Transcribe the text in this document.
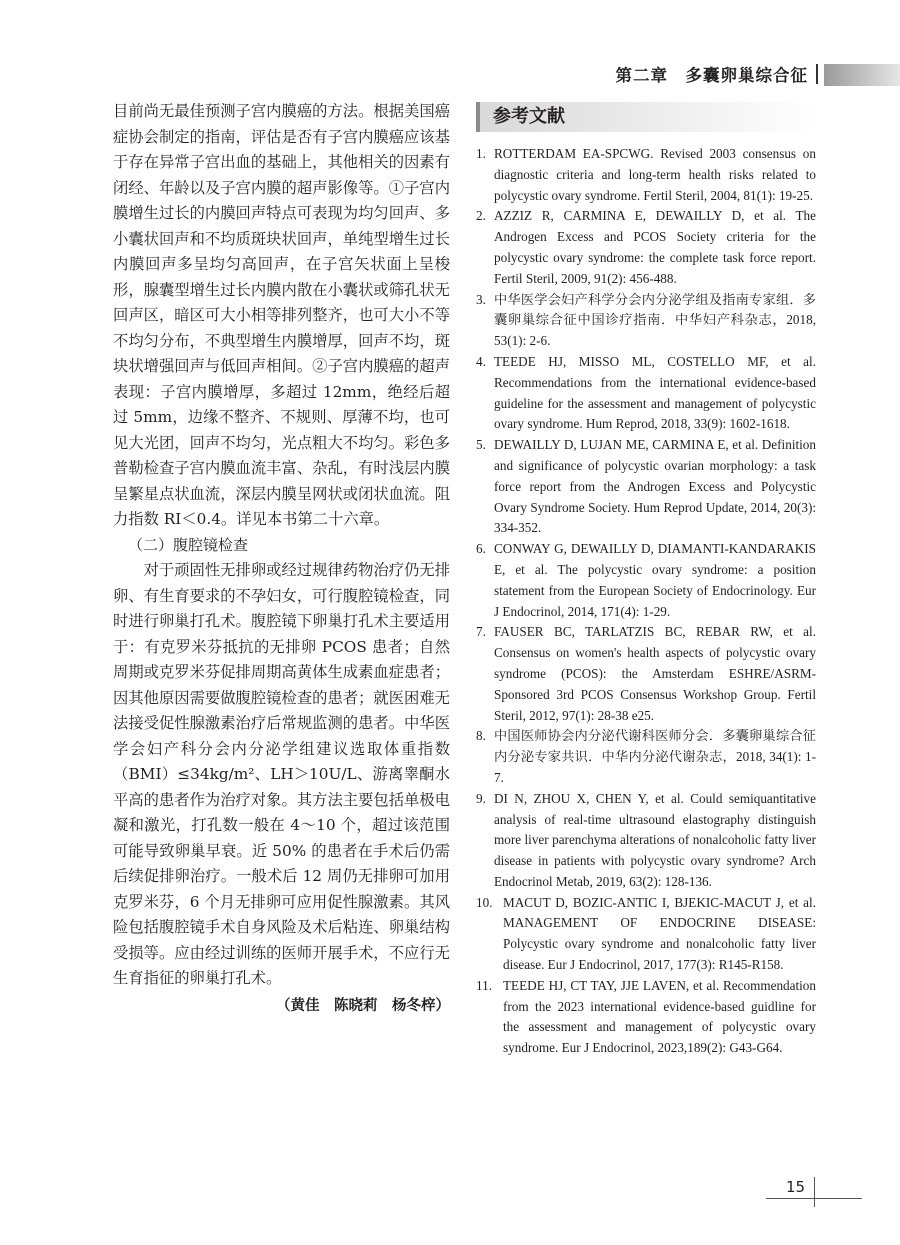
第二章　多囊卵巢综合征

目前尚无最佳预测子宫内膜癌的方法。根据美国癌症协会制定的指南，评估是否有子宫内膜癌应该基于存在异常子宫出血的基础上，其他相关的因素有闭经、年龄以及子宫内膜的超声影像等。①子宫内膜增生过长的内膜回声特点可表现为均匀回声、多小囊状回声和不均质斑块状回声，单纯型增生过长内膜回声多呈均匀高回声，在子宫矢状面上呈梭形，腺囊型增生过长内膜内散在小囊状或筛孔状无回声区，暗区可大小相等排列整齐，也可大小不等不均匀分布，不典型增生内膜增厚，回声不均，斑块状增强回声与低回声相间。②子宫内膜癌的超声表现：子宫内膜增厚，多超过 12mm，绝经后超过 5mm，边缘不整齐、不规则、厚薄不均，也可见大光团，回声不均匀，光点粗大不均匀。彩色多普勒检查子宫内膜血流丰富、杂乱，有时浅层内膜呈繁星点状血流，深层内膜呈网状或闭状血流。阻力指数 RI＜0.4。详见本书第二十六章。

（二）腹腔镜检查

对于顽固性无排卵或经过规律药物治疗仍无排卵、有生育要求的不孕妇女，可行腹腔镜检查，同时进行卵巢打孔术。腹腔镜下卵巢打孔术主要适用于：有克罗米芬抵抗的无排卵 PCOS 患者；自然周期或克罗米芬促排周期高黄体生成素血症患者；因其他原因需要做腹腔镜检查的患者；就医困难无法接受促性腺激素治疗后常规监测的患者。中华医学会妇产科分会内分泌学组建议选取体重指数（BMI）≤34kg/m²、LH＞10U/L、游离睾酮水平高的患者作为治疗对象。其方法主要包括单极电凝和激光，打孔数一般在 4～10 个，超过该范围可能导致卵巢早衰。近 50% 的患者在手术后仍需后续促排卵治疗。一般术后 12 周仍无排卵可加用克罗米芬，6 个月无排卵可应用促性腺激素。其风险包括腹腔镜手术自身风险及术后粘连、卵巢结构受损等。应由经过训练的医师开展手术，不应行无生育指征的卵巢打孔术。

（黄佳　陈晓莉　杨冬梓）
参考文献
1. ROTTERDAM EA-SPCWG. Revised 2003 consensus on diagnostic criteria and long-term health risks related to polycystic ovary syndrome. Fertil Steril, 2004, 81(1): 19-25.
2. AZZIZ R, CARMINA E, DEWAILLY D, et al. The Androgen Excess and PCOS Society criteria for the polycystic ovary syndrome: the complete task force report. Fertil Steril, 2009, 91(2): 456-488.
3. 中华医学会妇产科学分会内分泌学组及指南专家组．多囊卵巢综合征中国诊疗指南．中华妇产科杂志，2018, 53(1): 2-6.
4. TEEDE HJ, MISSO ML, COSTELLO MF, et al. Recommendations from the international evidence-based guideline for the assessment and management of polycystic ovary syndrome. Hum Reprod, 2018, 33(9): 1602-1618.
5. DEWAILLY D, LUJAN ME, CARMINA E, et al. Definition and significance of polycystic ovarian morphology: a task force report from the Androgen Excess and Polycystic Ovary Syndrome Society. Hum Reprod Update, 2014, 20(3): 334-352.
6. CONWAY G, DEWAILLY D, DIAMANTI-KANDARAKIS E, et al. The polycystic ovary syndrome: a position statement from the European Society of Endocrinology. Eur J Endocrinol, 2014, 171(4): 1-29.
7. FAUSER BC, TARLATZIS BC, REBAR RW, et al. Consensus on women's health aspects of polycystic ovary syndrome (PCOS): the Amsterdam ESHRE/ASRM-Sponsored 3rd PCOS Consensus Workshop Group. Fertil Steril, 2012, 97(1): 28-38 e25.
8. 中国医师协会内分泌代谢科医师分会．多囊卵巢综合征内分泌专家共识．中华内分泌代谢杂志，2018, 34(1): 1-7.
9. DI N, ZHOU X, CHEN Y, et al. Could semiquantitative analysis of real-time ultrasound elastography distinguish more liver parenchyma alterations of nonalcoholic fatty liver disease in patients with polycystic ovary syndrome? Arch Endocrinol Metab, 2019, 63(2): 128-136.
10. MACUT D, BOZIC-ANTIC I, BJEKIC-MACUT J, et al. MANAGEMENT OF ENDOCRINE DISEASE: Polycystic ovary syndrome and nonalcoholic fatty liver disease. Eur J Endocrinol, 2017, 177(3): R145-R158.
11. TEEDE HJ, CT TAY, JJE LAVEN, et al. Recommendation from the 2023 international evidence-based guidline for the assessment and management of polycystic ovary syndrome. Eur J Endocrinol, 2023,189(2): G43-G64.
15
